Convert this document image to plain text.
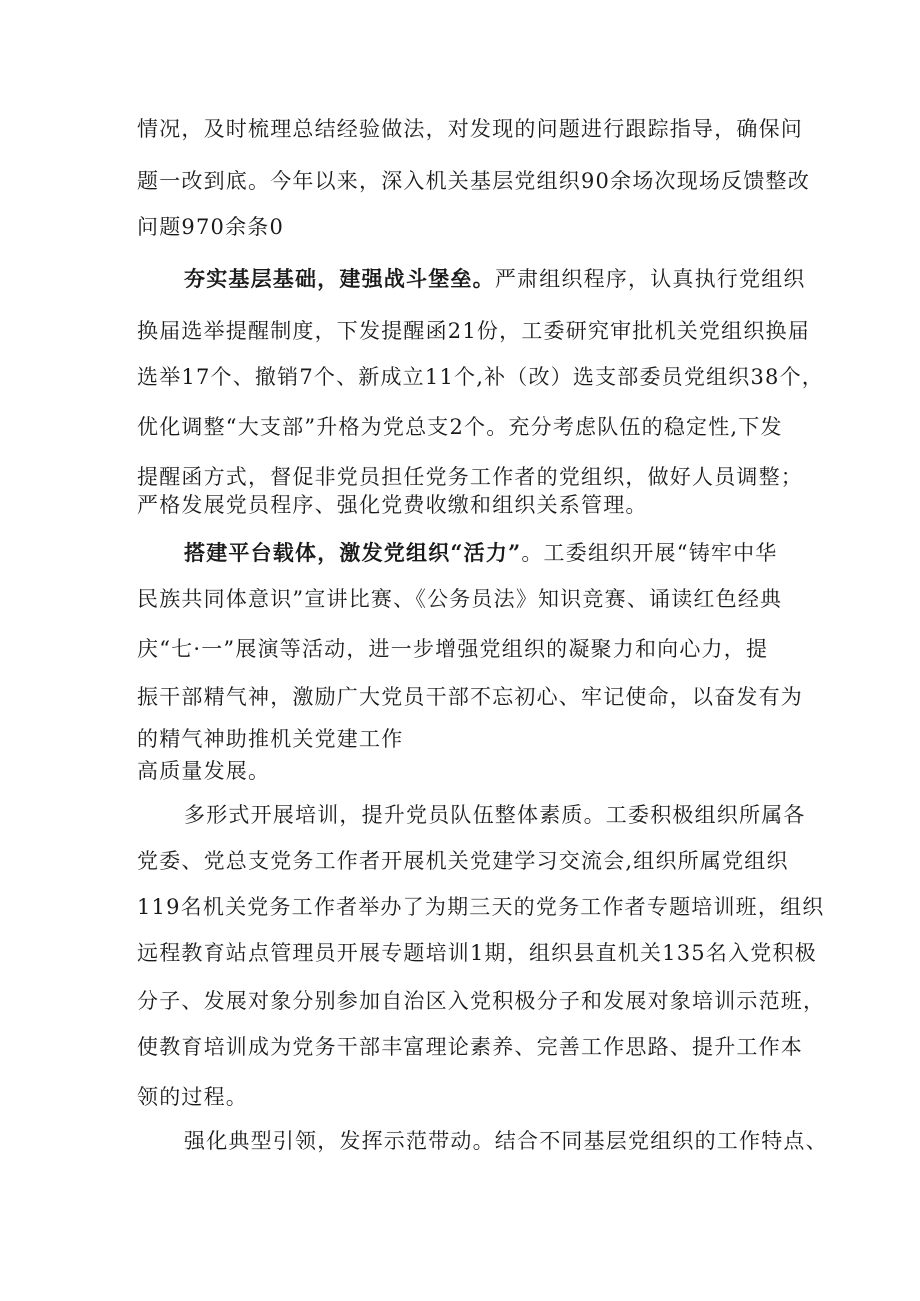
情况，及时梳理总结经验做法，对发现的问题进行跟踪指导，确保问

题一改到底。今年以来，深入机关基层党组织90余场次现场反馈整改

问题970余条0

夯实基层基础，建强战斗堡垒。严肃组织程序，认真执行党组织

换届选举提醒制度，下发提醒函21份，工委研究审批机关党组织换届

选举17个、撤销7个、新成立11个,补（改）选支部委员党组织38个，

优化调整“大支部”升格为党总支2个。充分考虑队伍的稳定性,下发

提醒函方式，督促非党员担任党务工作者的党组织，做好人员调整；

严格发展党员程序、强化党费收缴和组织关系管理。

搭建平台载体，激发党组织“活力”。工委组织开展“铸牢中华

民族共同体意识”宣讲比赛、《公务员法》知识竞赛、诵读红色经典

庆“七·一”展演等活动，进一步增强党组织的凝聚力和向心力，提

振干部精气神，激励广大党员干部不忘初心、牢记使命，以奋发有为

的精气神助推机关党建工作

高质量发展。

多形式开展培训，提升党员队伍整体素质。工委积极组织所属各

党委、党总支党务工作者开展机关党建学习交流会,组织所属党组织

119名机关党务工作者举办了为期三天的党务工作者专题培训班，组织

远程教育站点管理员开展专题培训1期，组织县直机关135名入党积极

分子、发展对象分别参加自治区入党积极分子和发展对象培训示范班，

使教育培训成为党务干部丰富理论素养、完善工作思路、提升工作本

领的过程。

强化典型引领，发挥示范带动。结合不同基层党组织的工作特点、
